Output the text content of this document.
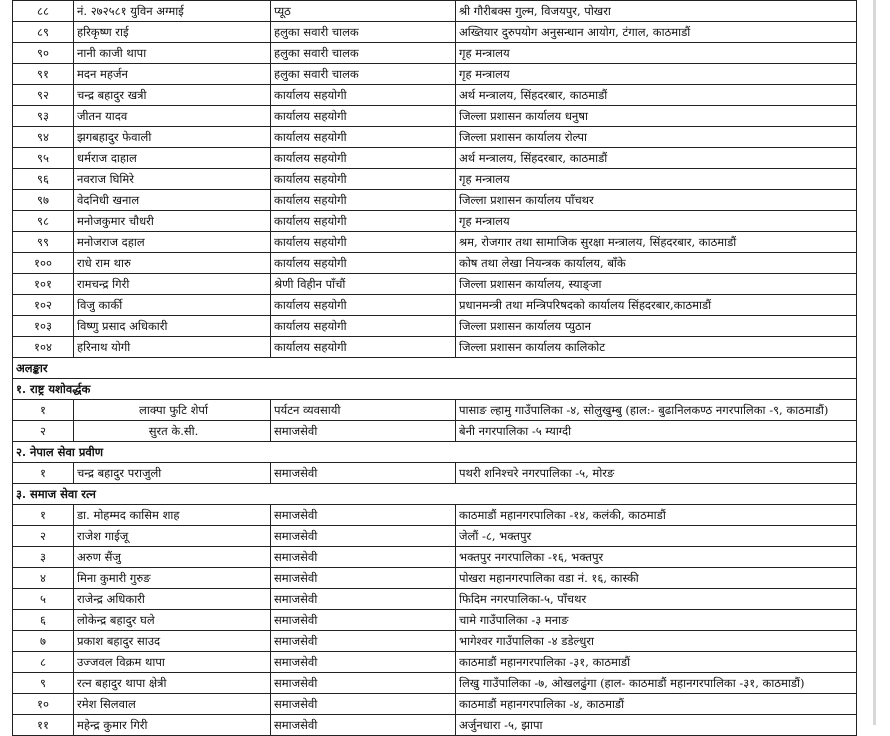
८८	नं. २७२५८१ युविन अग्माई	प्यूठ	श्री गौरीबक्स गुल्म, विजयपुर, पोखरा
८९	हरिकृष्ण राई	हलुका सवारी चालक	अख्तियार दुरुपयोग अनुसन्धान आयोग, टंगाल, काठमाडौं
९०	नानी काजी थापा	हलुका सवारी चालक	गृह मन्त्रालय
९१	मदन महर्जन	हलुका सवारी चालक	गृह मन्त्रालय
९२	चन्द्र बहादुर खत्री	कार्यालय सहयोगी	अर्थ मन्त्रालय, सिंहदरबार, काठमाडौं
९३	जीतन यादव	कार्यालय सहयोगी	जिल्ला प्रशासन कार्यालय धनुषा
९४	झगबहादुर फेवाली	कार्यालय सहयोगी	जिल्ला प्रशासन कार्यालय रोल्पा
९५	धर्मराज दाहाल	कार्यालय सहयोगी	अर्थ मन्त्रालय, सिंहदरबार, काठमाडौं
९६	नवराज घिमिरे	कार्यालय सहयोगी	गृह मन्त्रालय
९७	वेदनिधी खनाल	कार्यालय सहयोगी	जिल्ला प्रशासन कार्यालय पाँचथर
९८	मनोजकुमार चौधरी	कार्यालय सहयोगी	गृह मन्त्रालय
९९	मनोजराज दहाल	कार्यालय सहयोगी	श्रम, रोजगार तथा सामाजिक सुरक्षा मन्त्रालय, सिंहदरबार, काठमाडौं
१००	राधे राम थारु	कार्यालय सहयोगी	कोष तथा लेखा नियन्त्रक कार्यालय, बाँके
१०१	रामचन्द्र गिरी	श्रेणी विहीन पाँचौं	जिल्ला प्रशासन कार्यालय, स्याङ्जा
१०२	विजु कार्की	कार्यालय सहयोगी	प्रधानमन्त्री तथा मन्त्रिपरिषदको कार्यालय सिंहदरबार,काठमाडौं
१०३	विष्णु प्रसाद अधिकारी	कार्यालय सहयोगी	जिल्ला प्रशासन कार्यालय प्युठान
१०४	हरिनाथ योगी	कार्यालय सहयोगी	जिल्ला प्रशासन कार्यालय कालिकोट
अलङ्कार			
१. राष्ट्र यशोवर्द्धक			
१	लाक्पा फुटि शेर्पा	पर्यटन व्यवसायी	पासाङ ल्हामु गाउँपालिका -४, सोलुखुम्बु (हाल:- बुढानिलकण्ठ नगरपालिका -९, काठमाडौं)
२	सुरत के.सी.	समाजसेवी	बेनी नगरपालिका -५ म्याग्दी
२. नेपाल सेवा प्रवीण			
१	चन्द्र बहादुर पराजुली	समाजसेवी	पथरी शनिश्चरे नगरपालिका -५, मोरङ
३. समाज सेवा रत्न			
१	डा. मोहम्मद कासिम शाह	समाजसेवी	काठमाडौं महानगरपालिका -१४, कलंकी, काठमाडौं
२	राजेश गाईजू	समाजसेवी	जेलौं -८, भक्तपुर
३	अरुण सैंजु	समाजसेवी	भक्तपुर नगरपालिका -१६, भक्तपुर
४	मिना कुमारी गुरुङ	समाजसेवी	पोखरा महानगरपालिका वडा नं. १६, कास्की
५	राजेन्द्र अधिकारी	समाजसेवी	फिदिम नगरपालिका-५, पाँचथर
६	लोकेन्द्र बहादुर घले	समाजसेवी	चामे गाउँपालिका -३ मनाङ
७	प्रकाश बहादुर साउद	समाजसेवी	भागेश्वर गाउँपालिका -४ डडेल्धुरा
८	उज्जवल विक्रम थापा	समाजसेवी	काठमाडौं महानगरपालिका -३१, काठमाडौं
९	रत्न बहादुर थापा क्षेत्री	समाजसेवी	लिखु गाउँपालिका -७, ओखलढुंगा (हाल- काठमाडौं महानगरपालिका -३१, काठमाडौं)
१०	रमेश सिलवाल	समाजसेवी	काठमाडौं महानगरपालिका -४, काठमाडौं
११	महेन्द्र कुमार गिरी	समाजसेवी	अर्जुनधारा -५, झापा
